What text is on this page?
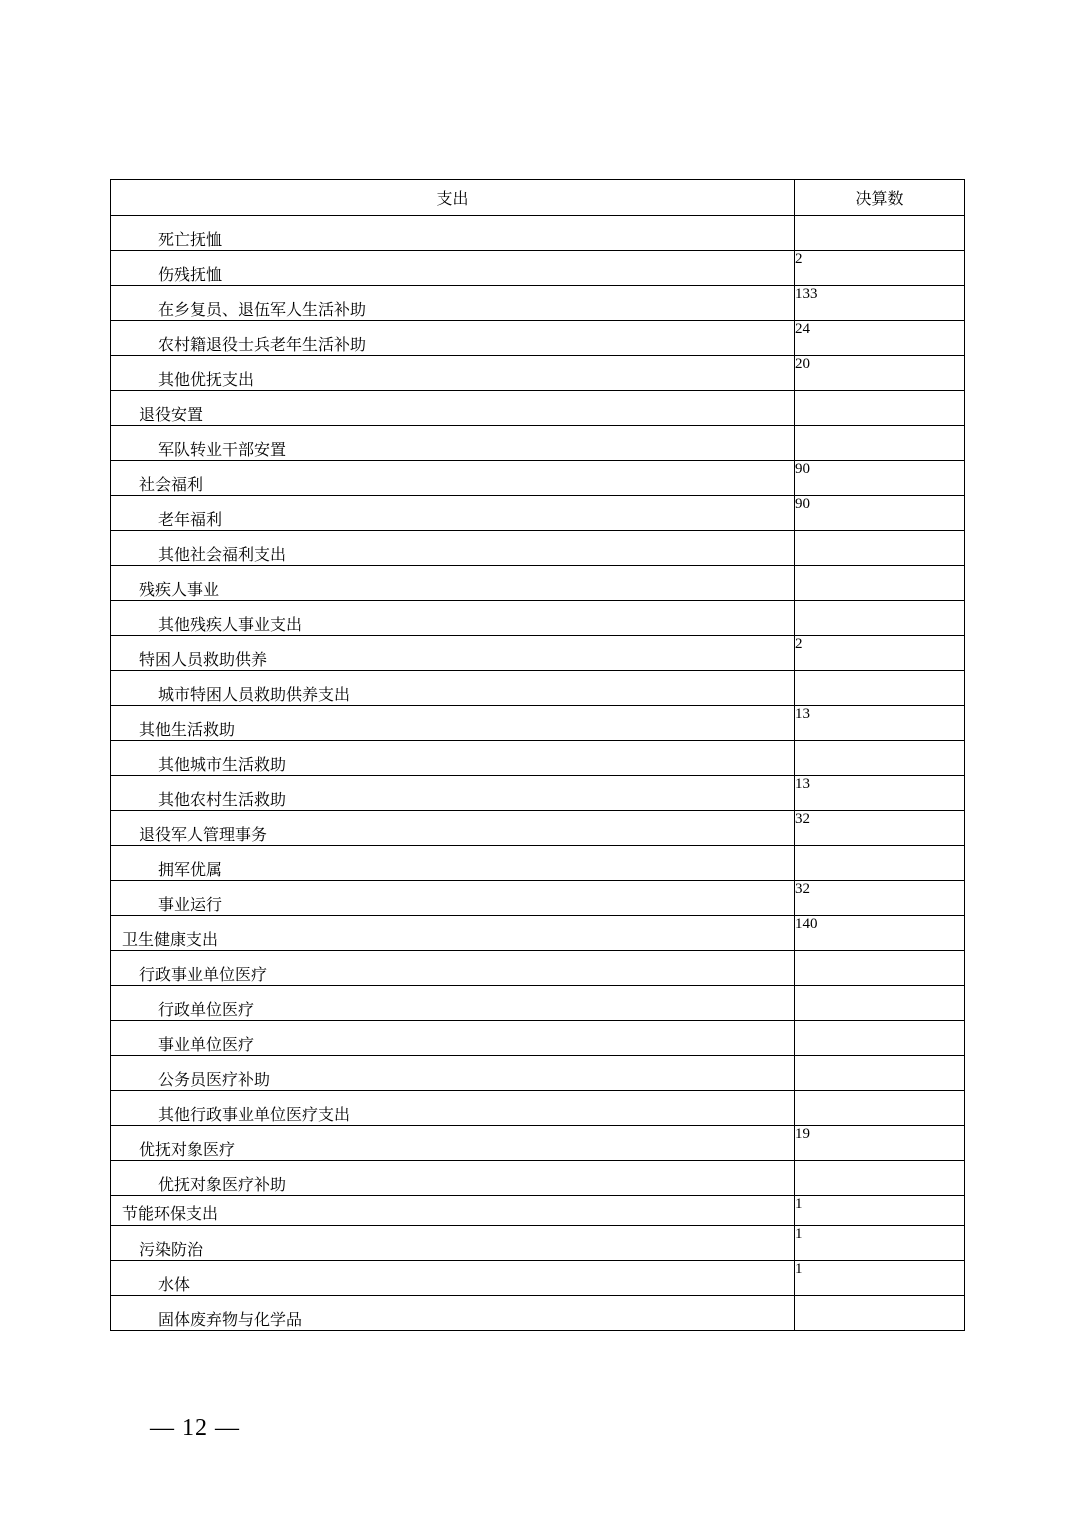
支出	决算数
死亡抚恤	
伤残抚恤	2
在乡复员、退伍军人生活补助	133
农村籍退役士兵老年生活补助	24
其他优抚支出	20
退役安置	
军队转业干部安置	
社会福利	90
老年福利	90
其他社会福利支出	
残疾人事业	
其他残疾人事业支出	
特困人员救助供养	2
城市特困人员救助供养支出	
其他生活救助	13
其他城市生活救助	
其他农村生活救助	13
退役军人管理事务	32
拥军优属	
事业运行	32
卫生健康支出	140
行政事业单位医疗	
行政单位医疗	
事业单位医疗	
公务员医疗补助	
其他行政事业单位医疗支出	
优抚对象医疗	19
优抚对象医疗补助	
节能环保支出	1
污染防治	1
水体	1
固体废弃物与化学品	
— 12 —
